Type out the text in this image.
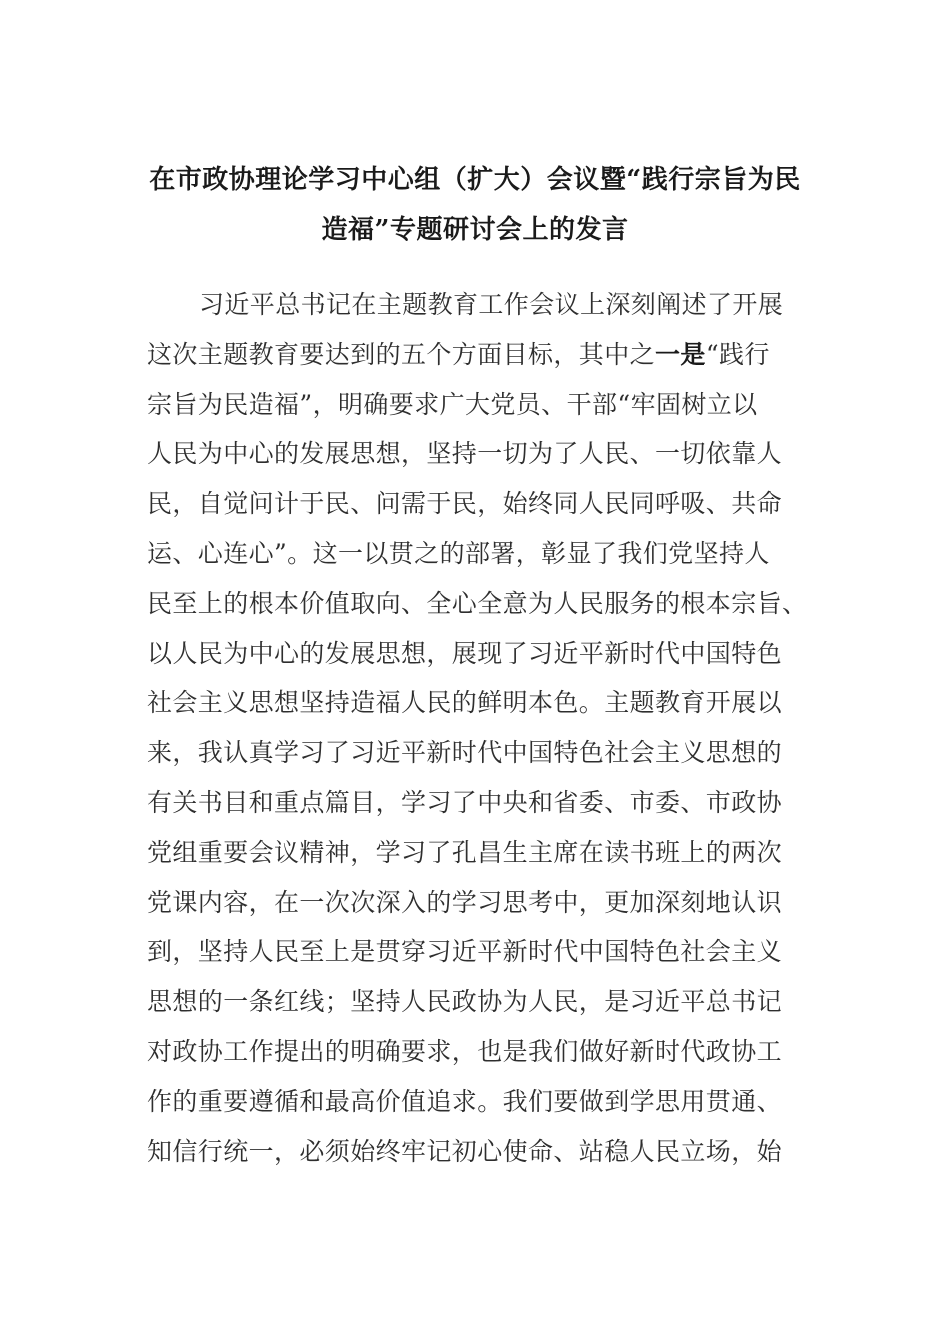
在市政协理论学习中心组（扩大）会议暨“践行宗旨为民
造福”专题研讨会上的发言
习近平总书记在主题教育工作会议上深刻阐述了开展
这次主题教育要达到的五个方面目标，其中之一是“践行
宗旨为民造福”，明确要求广大党员、干部“牢固树立以
人民为中心的发展思想，坚持一切为了人民、一切依靠人
民，自觉问计于民、问需于民，始终同人民同呼吸、共命
运、心连心”。这一以贯之的部署，彰显了我们党坚持人
民至上的根本价值取向、全心全意为人民服务的根本宗旨、
以人民为中心的发展思想，展现了习近平新时代中国特色
社会主义思想坚持造福人民的鲜明本色。主题教育开展以
来，我认真学习了习近平新时代中国特色社会主义思想的
有关书目和重点篇目，学习了中央和省委、市委、市政协
党组重要会议精神，学习了孔昌生主席在读书班上的两次
党课内容，在一次次深入的学习思考中，更加深刻地认识
到，坚持人民至上是贯穿习近平新时代中国特色社会主义
思想的一条红线；坚持人民政协为人民，是习近平总书记
对政协工作提出的明确要求，也是我们做好新时代政协工
作的重要遵循和最高价值追求。我们要做到学思用贯通、
知信行统一，必须始终牢记初心使命、站稳人民立场，始
